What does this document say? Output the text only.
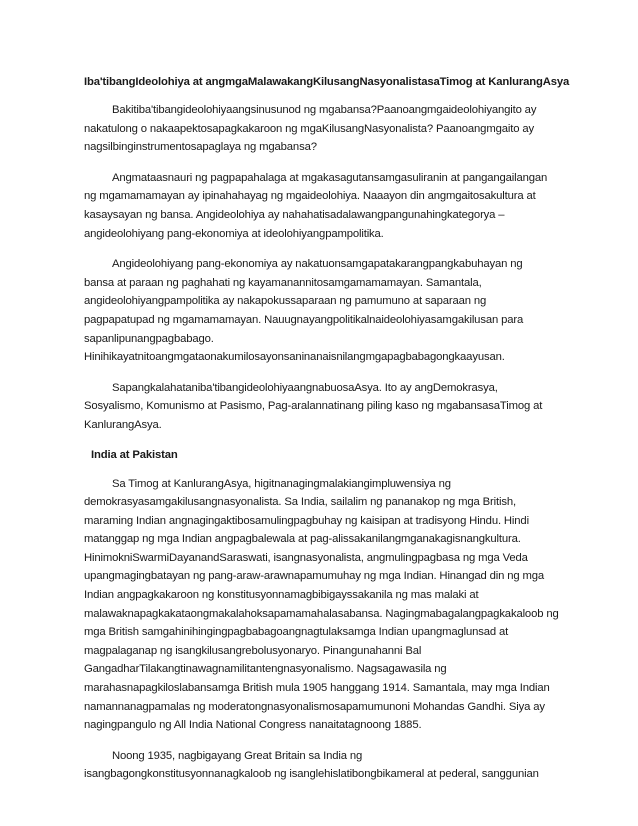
Iba'tibangIdeolohiya at angmgaMalawakangKilusangNasyonalistasaTimog at KanlurangAsya
Bakitiba'tibangideolohiyaangsinusunod ng mgabansa?Paanoangmgaideolohiyangito ay
nakatulong o nakaapektosapagkakaroon ng mgaKilusangNasyonalista? Paanoangmgaito ay
nagsilbinginstrumentosapaglaya ng mgabansa?
Angmataasnauri ng pagpapahalaga at mgakasagutansamgasuliranin at pangangailangan
ng mgamamamayan ay ipinahahayag ng mgaideolohiya. Naaayon din angmgaitosakultura at
kasaysayan ng bansa. Angideolohiya ay nahahatisadalawangpangunahingkategorya –
angideolohiyang pang-ekonomiya at ideolohiyangpampolitika.
Angideolohiyang pang-ekonomiya ay nakatuonsamgapatakarangpangkabuhayan ng
bansa at paraan ng paghahati ng kayamanannitosamgamamamayan. Samantala,
angideolohiyangpampolitika ay nakapokussaparaan ng pamumuno at saparaan ng
pagpapatupad ng mgamamamayan. Nauugnayangpolitikalnaideolohiyasamgakilusan para
sapanlipunangpagbabago.
Hinihikayatnitoangmgataonakumilosayonsaninanaisnilangmgapagbabagongkaayusan.
Sapangkalahataniba'tibangideolohiyaangnabuosaAsya. Ito ay angDemokrasya,
Sosyalismo, Komunismo at Pasismo, Pag-aralannatinang piling kaso ng mgabansasaTimog at
KanlurangAsya.
India at Pakistan
Sa Timog at KanlurangAsya, higitnanagingmalakiangimpluwensiya ng
demokrasyasamgakilusangnasyonalista. Sa India, sailalim ng pananakop ng mga British,
maraming Indian angnagingaktibosamulingpagbuhay ng kaisipan at tradisyong Hindu. Hindi
matanggap ng mga Indian angpagbalewala at pag-alissakanilangmganakagisnangkultura.
HinimokniSwarmiDayanandSaraswati, isangnasyonalista, angmulingpagbasa ng mga Veda
upangmagingbatayan ng pang-araw-arawnapamumuhay ng mga Indian. Hinangad din ng mga
Indian angpagkakaroon ng konstitusyonnamagbibigayssakanila ng mas malaki at
malawaknapagkakataongmakalahoksapamamahalasabansa. Nagingmabagalangpagkakaloob ng
mga British samgahinihingingpagbabagoangnagtulaksamga Indian upangmaglunsad at
magpalaganap ng isangkilusangrebolusyonaryo. Pinangunahanni Bal
GangadharTilakangtinawagnamilitantengnasyonalismo. Nagsagawasila ng
marahasnapagkiloslabansamga British mula 1905 hanggang 1914. Samantala, may mga Indian
namannanagpamalas ng moderatongnasyonalismosapamumunoni Mohandas Gandhi. Siya ay
nagingpangulo ng All India National Congress nanaitatagnoong 1885.
Noong 1935, nagbigayang Great Britain sa India ng
isangbagongkonstitusyonnanagkaloob ng isanglehislatibongbikameral at pederal, sanggunian
